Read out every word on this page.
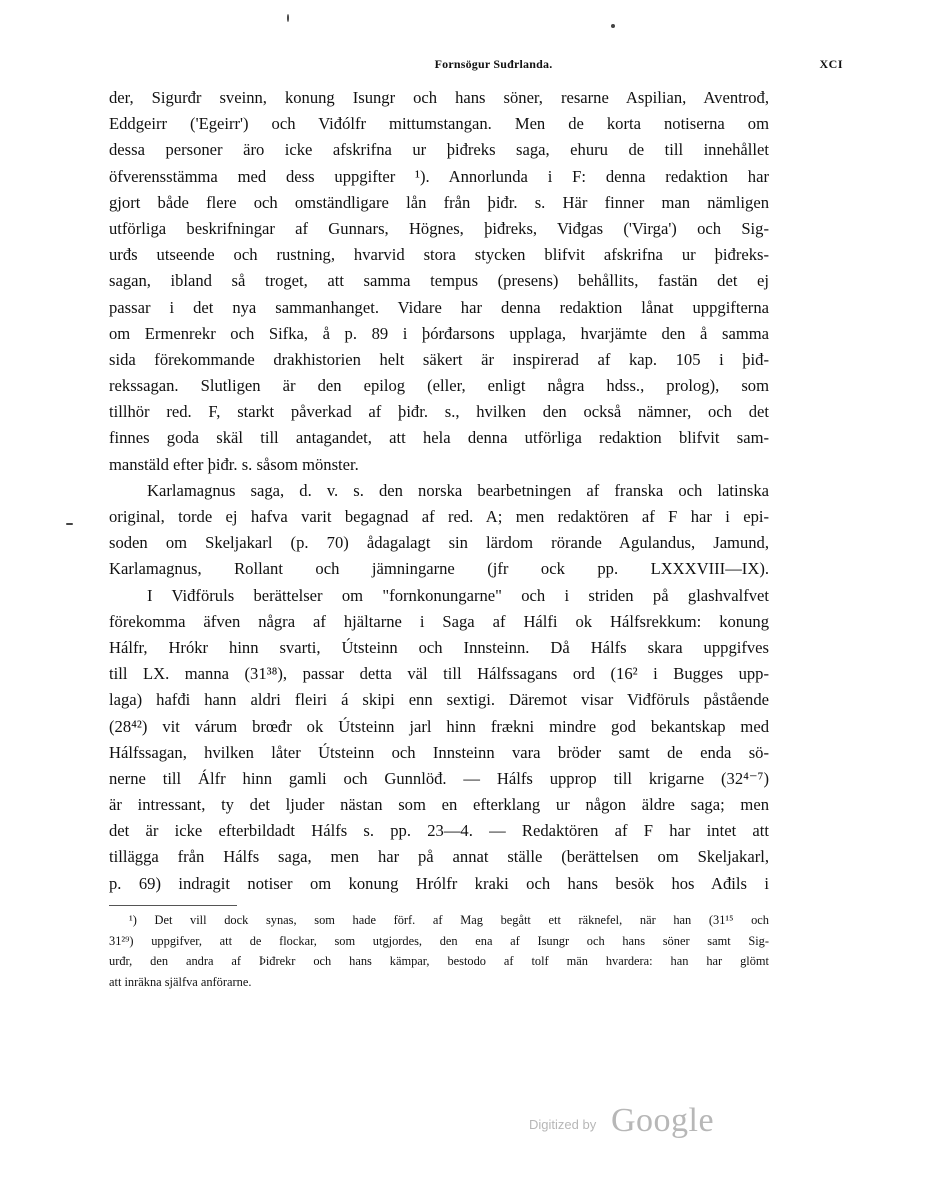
Fornsögur Suđrlanda.	XCI
der, Sigurđr sveinn, konung Isungr och hans söner, resarne Aspilian, Aventrođ,
Eddgeirr ('Egeirr') och Viđólfr mittumstangan. Men de korta notiserna om
dessa personer äro icke afskrifna ur þiđreks saga, ehuru de till innehållet
öfverensstämma med dess uppgifter ¹). Annorlunda i F: denna redaktion har
gjort både flere och omständligare lån från þiđr. s. Här finner man nämligen
utförliga beskrifningar af Gunnars, Högnes, þiđreks, Viđgas ('Virga') och Sig-
urđs utseende och rustning, hvarvid stora stycken blifvit afskrifna ur þiđreks-
sagan, ibland så troget, att samma tempus (presens) behållits, fastän det ej
passar i det nya sammanhanget. Vidare har denna redaktion lånat uppgifterna
om Ermenrekr och Sifka, å p. 89 i þórđarsons upplaga, hvarjämte den å samma
sida förekommande drakhistorien helt säkert är inspirerad af kap. 105 i þiđ-
rekssagan. Slutligen är den epilog (eller, enligt några hdss., prolog), som
tillhör red. F, starkt påverkad af þiđr. s., hvilken den också nämner, och det
finnes goda skäl till antagandet, att hela denna utförliga redaktion blifvit sam-
manstäld efter þiđr. s. såsom mönster.
Karlamagnus saga, d. v. s. den norska bearbetningen af franska och latinska
original, torde ej hafva varit begagnad af red. A; men redaktören af F har i epi-
soden om Skeljakarl (p. 70) ådagalagt sin lärdom rörande Agulandus, Jamund,
Karlamagnus, Rollant och jämningarne (jfr ock pp. LXXXVIII—IX).
I Viđföruls berättelser om "fornkonungarne" och i striden på glashvalfvet
förekomma äfven några af hjältarne i Saga af Hálfi ok Hálfsrekkum: konung
Hálfr, Hrókr hinn svarti, Útsteinn och Innsteinn. Då Hálfs skara uppgifves
till LX. manna (31³⁸), passar detta väl till Hálfssagans ord (16² i Bugges upp-
laga) hafđi hann aldri fleiri á skipi enn sextigi. Däremot visar Viđföruls påstående
(28⁴²) vit várum brœđr ok Útsteinn jarl hinn frækni mindre god bekantskap med
Hálfssagan, hvilken låter Útsteinn och Innsteinn vara bröder samt de enda sö-
nerne till Álfr hinn gamli och Gunnlöđ. — Hálfs upprop till krigarne (32⁴⁻⁷)
är intressant, ty det ljuder nästan som en efterklang ur någon äldre saga; men
det är icke efterbildadt Hálfs s. pp. 23—4. — Redaktören af F har intet att
tillägga från Hálfs saga, men har på annat ställe (berättelsen om Skeljakarl,
p. 69) indragit notiser om konung Hrólfr kraki och hans besök hos Ađils i
¹) Det vill dock synas, som hade förf. af Mag begått ett räknefel, när han (31¹⁵ och
31²⁹) uppgifver, att de flockar, som utgjordes, den ena af Isungr och hans söner samt Sig-
urđr, den andra af Þiđrekr och hans kämpar, bestodo af tolf män hvardera: han har glömt
att inräkna själfva anförarne.
Digitized by Google
